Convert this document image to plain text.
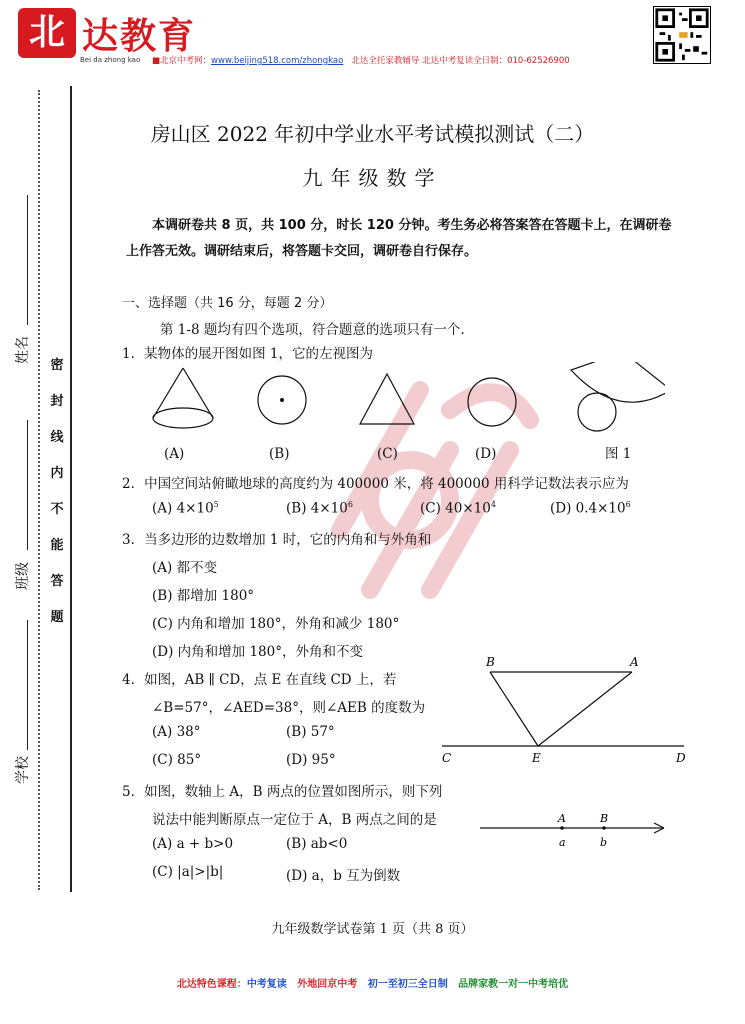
北 达教育
Bei da zhong kao ■北京中考网：www.beijing518.com/zhongkao 北达全托家教辅导 北达中考复读全日制：010-62526900
姓名
班级
学校
密
封
线
内
不
能
答
题
房山区 2022 年初中学业水平考试模拟测试（二）
九年级数学
本调研卷共 8 页，共 100 分，时长 120 分钟。考生务必将答案答在答题卡上，在调研卷上作答无效。调研结束后，将答题卡交回，调研卷自行保存。
一、选择题（共 16 分，每题 2 分）
第 1-8 题均有四个选项，符合题意的选项只有一个.
1．某物体的展开图如图 1，它的左视图为
(A)	(B)	(C)	(D)	图 1
2．中国空间站俯瞰地球的高度约为 400000 米，将 400000 用科学记数法表示应为
(A) $4\times 10^5$	(B) $4\times 10^6$	(C) $40\times 10^4$	(D) $0.4\times 10^6$
3．当多边形的边数增加 1 时，它的内角和与外角和
(A) 都不变
(B) 都增加 180°
(C) 内角和增加 180°，外角和减少 180°
(D) 内角和增加 180°，外角和不变
4．如图，AB ∥ CD，点 E 在直线 CD 上，若
∠B=57°，∠AED=38°，则∠AEB 的度数为
(A) 38°	(B) 57°
(C) 85°	(D) 95°
B	A
C	E	D
5．如图，数轴上 A，B 两点的位置如图所示，则下列
说法中能判断原点一定位于 A，B 两点之间的是
(A) a + b>0	(B) ab<0
(C) |a|>|b|	(D) a，b 互为倒数
A	B
a	b
九年级数学试卷第 1 页（共 8 页）
北达特色课程：中考复读 外地回京中考 初一至初三全日制 品牌家教一对一中考培优
